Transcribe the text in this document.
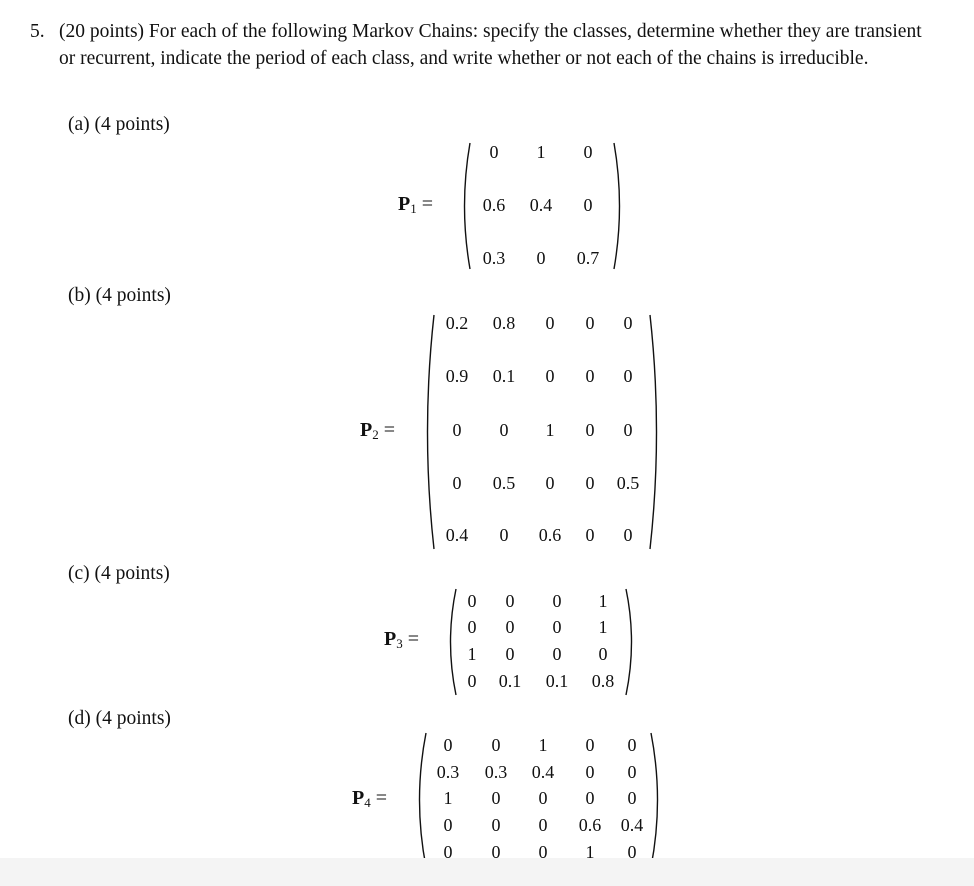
5. (20 points) For each of the following Markov Chains: specify the classes, determine whether they are transient or recurrent, indicate the period of each class, and write whether or not each of the chains is irreducible.
(a) (4 points)
$P_1$ =
(b) (4 points)
$P_2$ =
(c) (4 points)
$P_3$ =
(d) (4 points)
$P_4$ =
0 1 0
0.6 0.4 0
0.3 0 0.7
0.2 0.8 0 0 0
0.9 0.1 0 0 0
0 0 1 0 0
0 0.5 0 0 0.5
0.4 0 0.6 0 0
0 0 0 1
0 0 0 1
1 0 0 0
0 0.1 0.1 0.8
0 0 1 0 0
0.3 0.3 0.4 0 0
1 0 0 0 0
0 0 0 0.6 0.4
0 0 0 1 0
